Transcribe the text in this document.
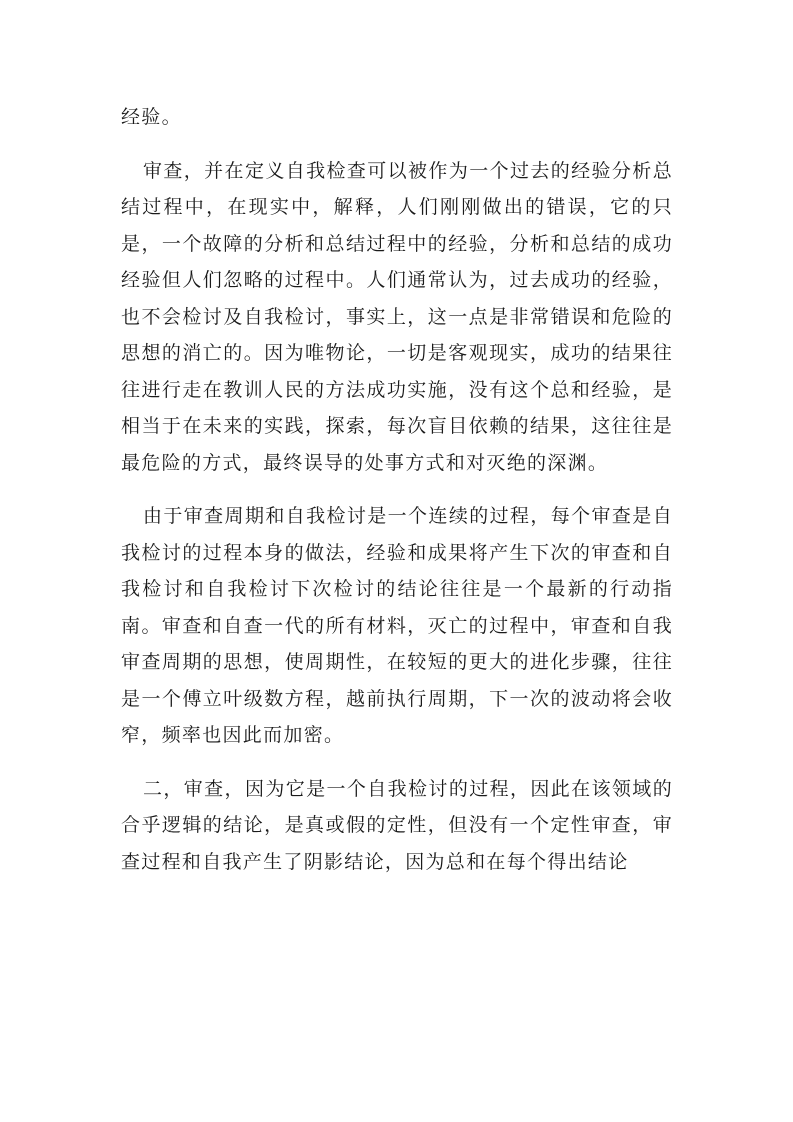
经验。

审查，并在定义自我检查可以被作为一个过去的经验分析总结过程中，在现实中，解释，人们刚刚做出的错误，它的只是，一个故障的分析和总结过程中的经验，分析和总结的成功经验但人们忽略的过程中。人们通常认为，过去成功的经验，也不会检讨及自我检讨，事实上，这一点是非常错误和危险的思想的消亡的。因为唯物论，一切是客观现实，成功的结果往往进行走在教训人民的方法成功实施，没有这个总和经验，是相当于在未来的实践，探索，每次盲目依赖的结果，这往往是最危险的方式，最终误导的处事方式和对灭绝的深渊。

由于审查周期和自我检讨是一个连续的过程，每个审查是自我检讨的过程本身的做法，经验和成果将产生下次的审查和自我检讨和自我检讨下次检讨的结论往往是一个最新的行动指南。审查和自查一代的所有材料，灭亡的过程中，审查和自我审查周期的思想，使周期性，在较短的更大的进化步骤，往往是一个傅立叶级数方程，越前执行周期，下一次的波动将会收窄，频率也因此而加密。

二，审查，因为它是一个自我检讨的过程，因此在该领域的合乎逻辑的结论，是真或假的定性，但没有一个定性审查，审查过程和自我产生了阴影结论，因为总和在每个得出结论
